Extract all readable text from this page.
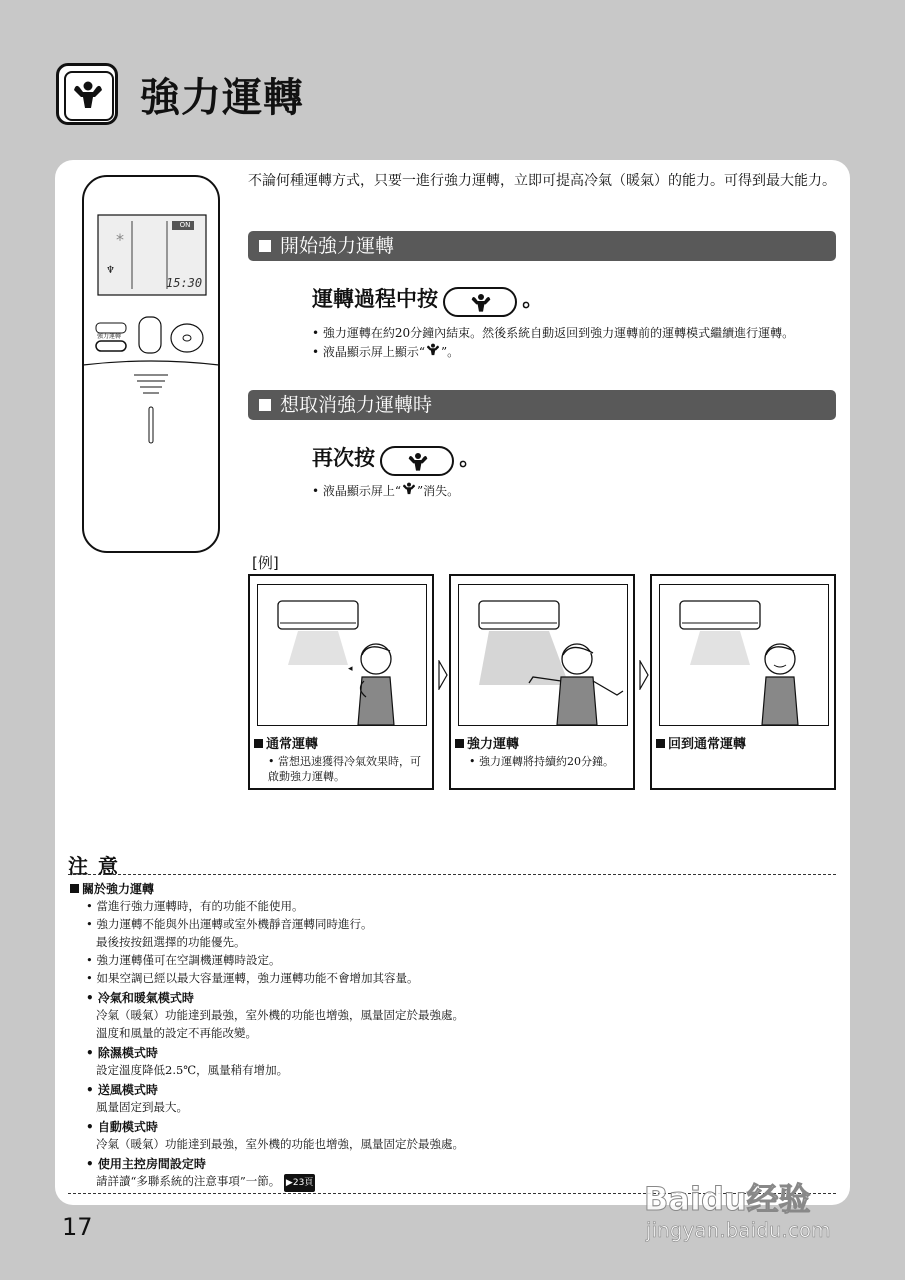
強力運轉
*
♆
ON
15:30
強力運轉
不論何種運轉方式，只要一進行強力運轉，立即可提高冷氣（暖氣）的能力。可得到最大能力。
開始強力運轉
運轉過程中按	。
• 強力運轉在約20分鐘內結束。然後系統自動返回到強力運轉前的運轉模式繼續進行運轉。
• 液晶顯示屏上顯示“ ”。
想取消強力運轉時
再次按	。
• 液晶顯示屏上“ ”消失。
[例]
◂
通常運轉
• 當想迅速獲得冷氣效果時，可啟動強力運轉。
強力運轉
• 強力運轉將持續約20分鐘。
回到通常運轉
注意
關於強力運轉
• 當進行強力運轉時，有的功能不能使用。
• 強力運轉不能與外出運轉或室外機靜音運轉同時進行。
最後按按鈕選擇的功能優先。
• 強力運轉僅可在空調機運轉時設定。
• 如果空調已經以最大容量運轉，強力運轉功能不會增加其容量。
• 冷氣和暖氣模式時
冷氣（暖氣）功能達到最強，室外機的功能也增強，風量固定於最強處。
溫度和風量的設定不再能改變。
• 除濕模式時
設定溫度降低2.5℃，風量稍有增加。
• 送風模式時
風量固定到最大。
• 自動模式時
冷氣（暖氣）功能達到最強，室外機的功能也增強，風量固定於最強處。
• 使用主控房間設定時
請詳讀“多聯系統的注意事項”一節。 ▶23頁
17
Baidu经验
jingyan.baidu.com
